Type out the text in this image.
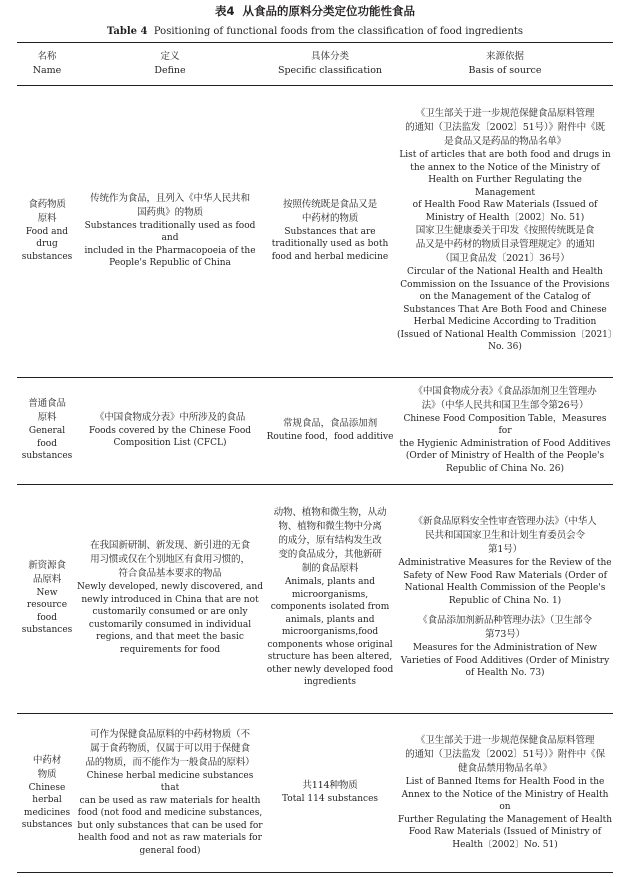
表4 从食品的原料分类定位功能性食品
Table 4 Positioning of functional foods from the classification of food ingredients

名称

Name

定义

Define

具体分类

Specific classification

来源依据

Basis of source

食药物质

原料

Food and

drug

substances

传统作为食品，且列入《中华人民共和

国药典》的物质

Substances traditionally used as food and

included in the Pharmacopoeia of the

People's Republic of China

按照传统既是食品又是

中药材的物质

Substances that are

traditionally used as both

food and herbal medicine

《卫生部关于进一步规范保健食品原料管理

的通知（卫法监发〔2002〕51号）》附件中《既

是食品又是药品的物品名单》

List of articles that are both food and drugs in

the annex to the Notice of the Ministry of

Health on Further Regulating the Management

of Health Food Raw Materials (Issued of

Ministry of Health〔2002〕No. 51)

国家卫生健康委关于印发《按照传统既是食

品又是中药材的物质目录管理规定》的通知

（国卫食品发〔2021〕36号）

Circular of the National Health and Health

Commission on the Issuance of the Provisions

on the Management of the Catalog of

Substances That Are Both Food and Chinese

Herbal Medicine According to Tradition

(Issued of National Health Commission〔2021〕

No. 36)

普通食品

原料

General

food

substances

《中国食物成分表》中所涉及的食品

Foods covered by the Chinese Food

Composition List (CFCL)

常规食品，食品添加剂

Routine food，food additive

《中国食物成分表》《食品添加剂卫生管理办

法》（中华人民共和国卫生部令第26号）

Chinese Food Composition Table，Measures for

the Hygienic Administration of Food Additives

(Order of Ministry of Health of the People's

Republic of China No. 26)

新资源食

品原料

New

resource

food

substances

在我国新研制、新发现、新引进的无食

用习惯或仅在个别地区有食用习惯的，

符合食品基本要求的物品

Newly developed, newly discovered, and

newly introduced in China that are not

customarily consumed or are only

customarily consumed in individual

regions, and that meet the basic

requirements for food

动物、植物和微生物，从动

物、植物和微生物中分离

的成分，原有结构发生改

变的食品成分，其他新研

制的食品原料

Animals, plants and

microorganisms,

components isolated from

animals, plants and

microorganisms,food

components whose original

structure has been altered,

other newly developed food

ingredients

《新食品原料安全性审查管理办法》（中华人

民共和国国家卫生和计划生育委员会令

第1号）

Administrative Measures for the Review of the

Safety of New Food Raw Materials (Order of

National Health Commission of the People's

Republic of China No. 1)

《食品添加剂新品种管理办法》（卫生部令

第73号）

Measures for the Administration of New

Varieties of Food Additives (Order of Ministry

of Health No. 73)

中药材

物质

Chinese

herbal

medicines

substances

可作为保健食品原料的中药材物质（不

属于食药物质，仅属于可以用于保健食

品的物质，而不能作为一般食品的原料）

Chinese herbal medicine substances that

can be used as raw materials for health

food (not food and medicine substances,

but only substances that can be used for

health food and not as raw materials for

general food)

共114种物质

Total 114 substances

《卫生部关于进一步规范保健食品原料管理

的通知（卫法监发〔2002〕51号）》附件中《保

健食品禁用物品名单》

List of Banned Items for Health Food in the

Annex to the Notice of the Ministry of Health on

Further Regulating the Management of Health

Food Raw Materials (Issued of Ministry of

Health〔2002〕No. 51)
